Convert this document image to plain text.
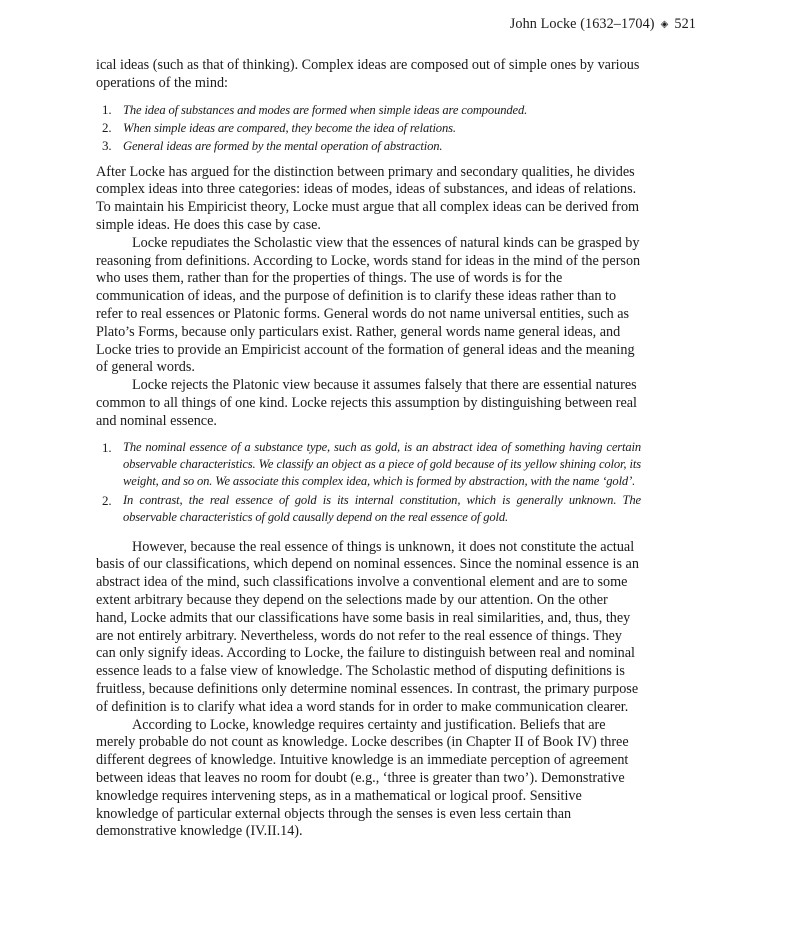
John Locke (1632–1704) ◈ 521

ical ideas (such as that of thinking). Complex ideas are composed out of simple ones by various operations of the mind:

1. The idea of substances and modes are formed when simple ideas are compounded.
2. When simple ideas are compared, they become the idea of relations.
3. General ideas are formed by the mental operation of abstraction.

After Locke has argued for the distinction between primary and secondary qualities, he divides complex ideas into three categories: ideas of modes, ideas of substances, and ideas of relations. To maintain his Empiricist theory, Locke must argue that all complex ideas can be derived from simple ideas. He does this case by case.

Locke repudiates the Scholastic view that the essences of natural kinds can be grasped by reasoning from definitions. According to Locke, words stand for ideas in the mind of the person who uses them, rather than for the properties of things. The use of words is for the communication of ideas, and the purpose of definition is to clarify these ideas rather than to refer to real essences or Platonic forms. General words do not name universal entities, such as Plato’s Forms, because only particulars exist. Rather, general words name general ideas, and Locke tries to provide an Empiricist account of the formation of general ideas and the meaning of general words.

Locke rejects the Platonic view because it assumes falsely that there are essential natures common to all things of one kind. Locke rejects this assumption by distinguishing between real and nominal essence.

1. The nominal essence of a substance type, such as gold, is an abstract idea of something having certain observable characteristics. We classify an object as a piece of gold because of its yellow shining color, its weight, and so on. We associate this complex idea, which is formed by abstraction, with the name ‘gold’.
2. In contrast, the real essence of gold is its internal constitution, which is generally unknown. The observable characteristics of gold causally depend on the real essence of gold.

However, because the real essence of things is unknown, it does not constitute the actual basis of our classifications, which depend on nominal essences. Since the nominal essence is an abstract idea of the mind, such classifications involve a conventional element and are to some extent arbitrary because they depend on the selections made by our attention. On the other hand, Locke admits that our classifications have some basis in real similarities, and, thus, they are not entirely arbitrary. Nevertheless, words do not refer to the real essence of things. They can only signify ideas. According to Locke, the failure to distinguish between real and nominal essence leads to a false view of knowledge. The Scholastic method of disputing definitions is fruitless, because definitions only determine nominal essences. In contrast, the primary purpose of definition is to clarify what idea a word stands for in order to make communication clearer.

According to Locke, knowledge requires certainty and justification. Beliefs that are merely probable do not count as knowledge. Locke describes (in Chapter II of Book IV) three different degrees of knowledge. Intuitive knowledge is an immediate perception of agreement between ideas that leaves no room for doubt (e.g., ‘three is greater than two’). Demonstrative knowledge requires intervening steps, as in a mathematical or logical proof. Sensitive knowledge of particular external objects through the senses is even less certain than demonstrative knowledge (IV.II.14).
